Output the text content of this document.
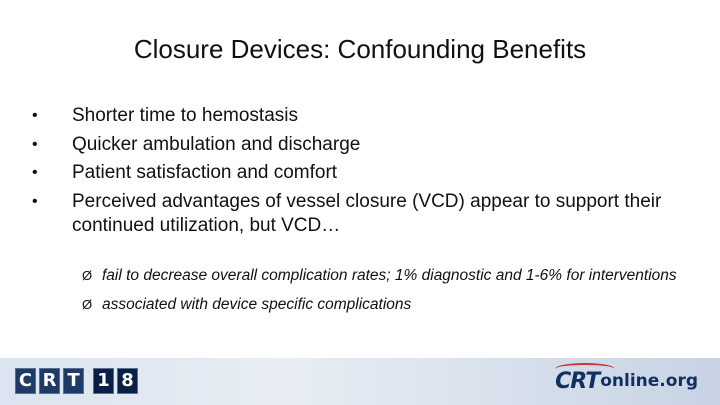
Closure Devices: Confounding Benefits
• Shorter time to hemostasis
• Quicker ambulation and discharge
• Patient satisfaction and comfort
• Perceived advantages of vessel closure (VCD) appear to support their continued utilization, but VCD…
Ø fail to decrease overall complication rates; 1% diagnostic and 1-6% for interventions
Ø associated with device specific complications
C R T 1 8	CRT online.org
